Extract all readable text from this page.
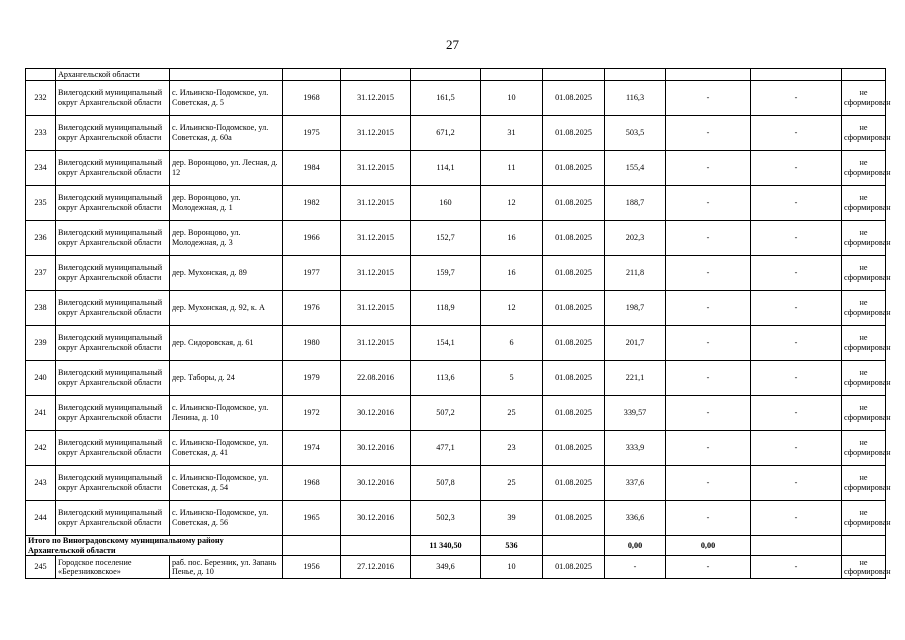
27
	Архангельской области										
232	Вилегодский муниципальный округ Архангельской области	с. Ильинско-Подомское, ул. Советская, д. 5	1968	31.12.2015	161,5	10	01.08.2025	116,3	-	-	не сформирован
233	Вилегодский муниципальный округ Архангельской области	с. Ильинско-Подомское, ул. Советская, д. 60а	1975	31.12.2015	671,2	31	01.08.2025	503,5	-	-	не сформирован
234	Вилегодский муниципальный округ Архангельской области	дер. Воронцово, ул. Лесная, д. 12	1984	31.12.2015	114,1	11	01.08.2025	155,4	-	-	не сформирован
235	Вилегодский муниципальный округ Архангельской области	дер. Воронцово, ул. Молодежная, д. 1	1982	31.12.2015	160	12	01.08.2025	188,7	-	-	не сформирован
236	Вилегодский муниципальный округ Архангельской области	дер. Воронцово, ул. Молодежная, д. 3	1966	31.12.2015	152,7	16	01.08.2025	202,3	-	-	не сформирован
237	Вилегодский муниципальный округ Архангельской области	дер. Мухонская, д. 89	1977	31.12.2015	159,7	16	01.08.2025	211,8	-	-	не сформирован
238	Вилегодский муниципальный округ Архангельской области	дер. Мухонская, д. 92, к. А	1976	31.12.2015	118,9	12	01.08.2025	198,7	-	-	не сформирован
239	Вилегодский муниципальный округ Архангельской области	дер. Сидоровская, д. 61	1980	31.12.2015	154,1	6	01.08.2025	201,7	-	-	не сформирован
240	Вилегодский муниципальный округ Архангельской области	дер. Таборы, д. 24	1979	22.08.2016	113,6	5	01.08.2025	221,1	-	-	не сформирован
241	Вилегодский муниципальный округ Архангельской области	с. Ильинско-Подомское, ул. Ленина, д. 10	1972	30.12.2016	507,2	25	01.08.2025	339,57	-	-	не сформирован
242	Вилегодский муниципальный округ Архангельской области	с. Ильинско-Подомское, ул. Советская, д. 41	1974	30.12.2016	477,1	23	01.08.2025	333,9	-	-	не сформирован
243	Вилегодский муниципальный округ Архангельской области	с. Ильинско-Подомское, ул. Советская, д. 54	1968	30.12.2016	507,8	25	01.08.2025	337,6	-	-	не сформирован
244	Вилегодский муниципальный округ Архангельской области	с. Ильинско-Подомское, ул. Советская, д. 56	1965	30.12.2016	502,3	39	01.08.2025	336,6	-	-	не сформирован
Итого по Виноградовскому муниципальному району Архангельской области					11 340,50	536		0,00	0,00		
245	Городское поселение «Березниковское»	раб. пос. Березник, ул. Запань Пенье, д. 10	1956	27.12.2016	349,6	10	01.08.2025	-	-	-	не сформирован
